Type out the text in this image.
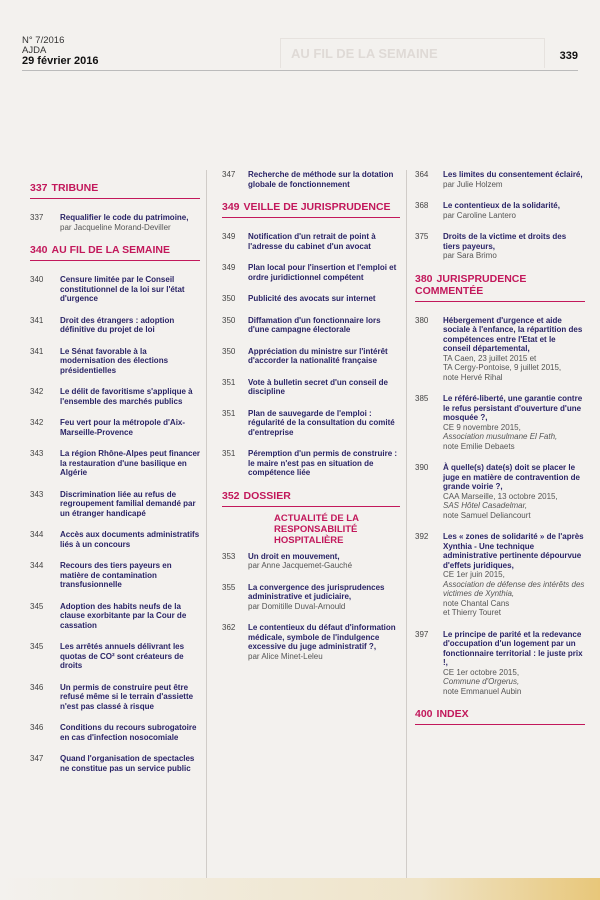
N° 7/2016
AJDA
29 février 2016	AU FIL DE LA SEMAINE	339
337 TRIBUNE
337	Requalifier le code du patrimoine,
par Jacqueline Morand-Deviller
340 AU FIL DE LA SEMAINE
340	Censure limitée par le Conseil constitutionnel de la loi sur l'état d'urgence
341	Droit des étrangers : adoption définitive du projet de loi
341	Le Sénat favorable à la modernisation des élections présidentielles
342	Le délit de favoritisme s'applique à l'ensemble des marchés publics
342	Feu vert pour la métropole d'Aix-Marseille-Provence
343	La région Rhône-Alpes peut financer la restauration d'une basilique en Algérie
343	Discrimination liée au refus de regroupement familial demandé par un étranger handicapé
344	Accès aux documents administratifs liés à un concours
344	Recours des tiers payeurs en matière de contamination transfusionnelle
345	Adoption des habits neufs de la clause exorbitante par la Cour de cassation
345	Les arrêtés annuels délivrant les quotas de CO² sont créateurs de droits
346	Un permis de construire peut être refusé même si le terrain d'assiette n'est pas classé à risque
346	Conditions du recours subrogatoire en cas d'infection nosocomiale
347	Quand l'organisation de spectacles ne constitue pas un service public
347	Recherche de méthode sur la dotation globale de fonctionnement
349 VEILLE DE JURISPRUDENCE
349	Notification d'un retrait de point à l'adresse du cabinet d'un avocat
349	Plan local pour l'insertion et l'emploi et ordre juridictionnel compétent
350	Publicité des avocats sur internet
350	Diffamation d'un fonctionnaire lors d'une campagne électorale
350	Appréciation du ministre sur l'intérêt d'accorder la nationalité française
351	Vote à bulletin secret d'un conseil de discipline
351	Plan de sauvegarde de l'emploi : régularité de la consultation du comité d'entreprise
351	Péremption d'un permis de construire : le maire n'est pas en situation de compétence liée
352 DOSSIER
ACTUALITÉ DE LA RESPONSABILITÉ HOSPITALIÈRE
353	Un droit en mouvement,
par Anne Jacquemet-Gauché
355	La convergence des jurisprudences administrative et judiciaire,
par Domitille Duval-Arnould
362	Le contentieux du défaut d'information médicale, symbole de l'indulgence excessive du juge administratif ?,
par Alice Minet-Leleu
364	Les limites du consentement éclairé,
par Julie Holzem
368	Le contentieux de la solidarité,
par Caroline Lantero
375	Droits de la victime et droits des tiers payeurs,
par Sara Brimo
380 JURISPRUDENCE COMMENTÉE
380	Hébergement d'urgence et aide sociale à l'enfance, la répartition des compétences entre l'Etat et le conseil départemental,
TA Caen, 23 juillet 2015 et
TA Cergy-Pontoise, 9 juillet 2015,
note Hervé Rihal
385	Le référé-liberté, une garantie contre le refus persistant d'ouverture d'une mosquée ?,
CE 9 novembre 2015,
Association musulmane El Fath,
note Emilie Debaets
390	À quelle(s) date(s) doit se placer le juge en matière de contravention de grande voirie ?,
CAA Marseille, 13 octobre 2015,
SAS Hôtel Casadelmar,
note Samuel Deliancourt
392	Les « zones de solidarité » de l'après Xynthia - Une technique administrative pertinente dépourvue d'effets juridiques,
CE 1er juin 2015,
Association de défense des intérêts des victimes de Xynthia,
note Chantal Cans
et Thierry Touret
397	Le principe de parité et la redevance d'occupation d'un logement par un fonctionnaire territorial : le juste prix !,
CE 1er octobre 2015,
Commune d'Orgerus,
note Emmanuel Aubin
400 INDEX
